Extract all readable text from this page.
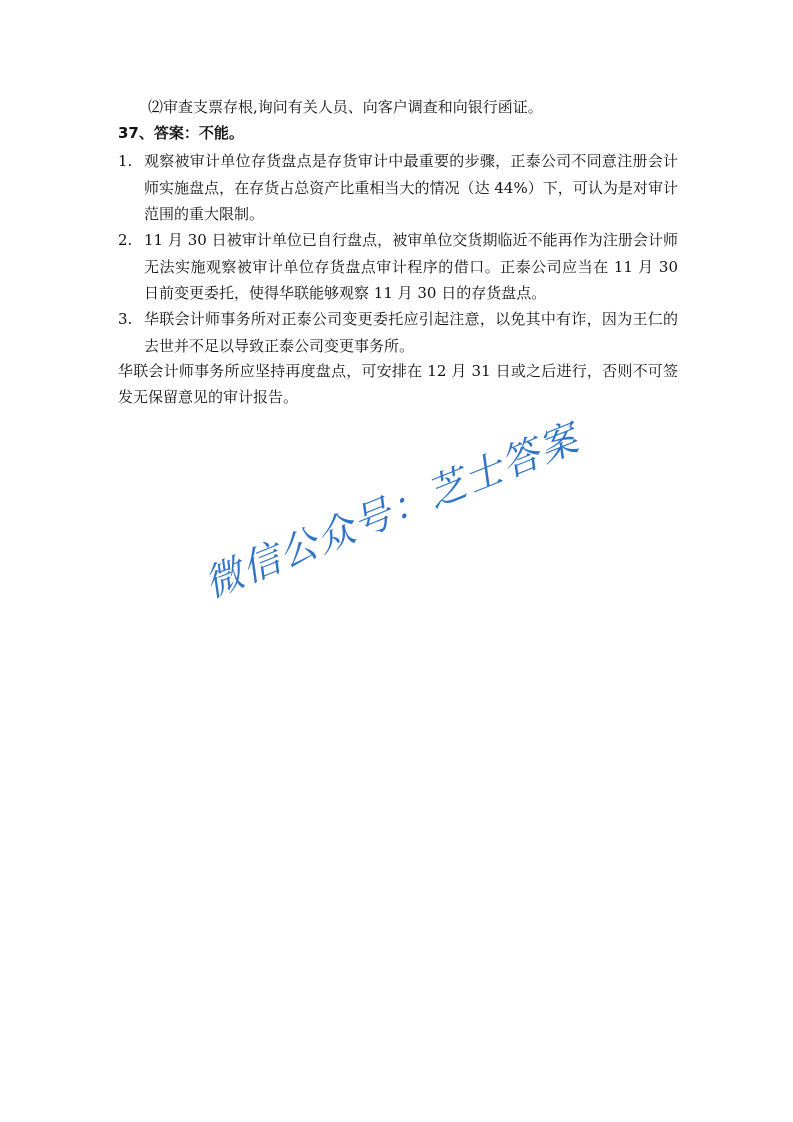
⑵审查支票存根,询问有关人员、向客户调查和向银行函证。
37、答案：不能。
1. 观察被审计单位存货盘点是存货审计中最重要的步骤，正泰公司不同意注册会计师实施盘点，在存货占总资产比重相当大的情况（达 44%）下，可认为是对审计范围的重大限制。
2. 11 月 30 日被审计单位已自行盘点，被审单位交货期临近不能再作为注册会计师无法实施观察被审计单位存货盘点审计程序的借口。正泰公司应当在 11 月 30 日前变更委托，使得华联能够观察 11 月 30 日的存货盘点。
3. 华联会计师事务所对正泰公司变更委托应引起注意，以免其中有诈，因为王仁的去世并不足以导致正泰公司变更事务所。
华联会计师事务所应坚持再度盘点，可安排在 12 月 31 日或之后进行，否则不可签发无保留意见的审计报告。
微信公众号：芝士答案
